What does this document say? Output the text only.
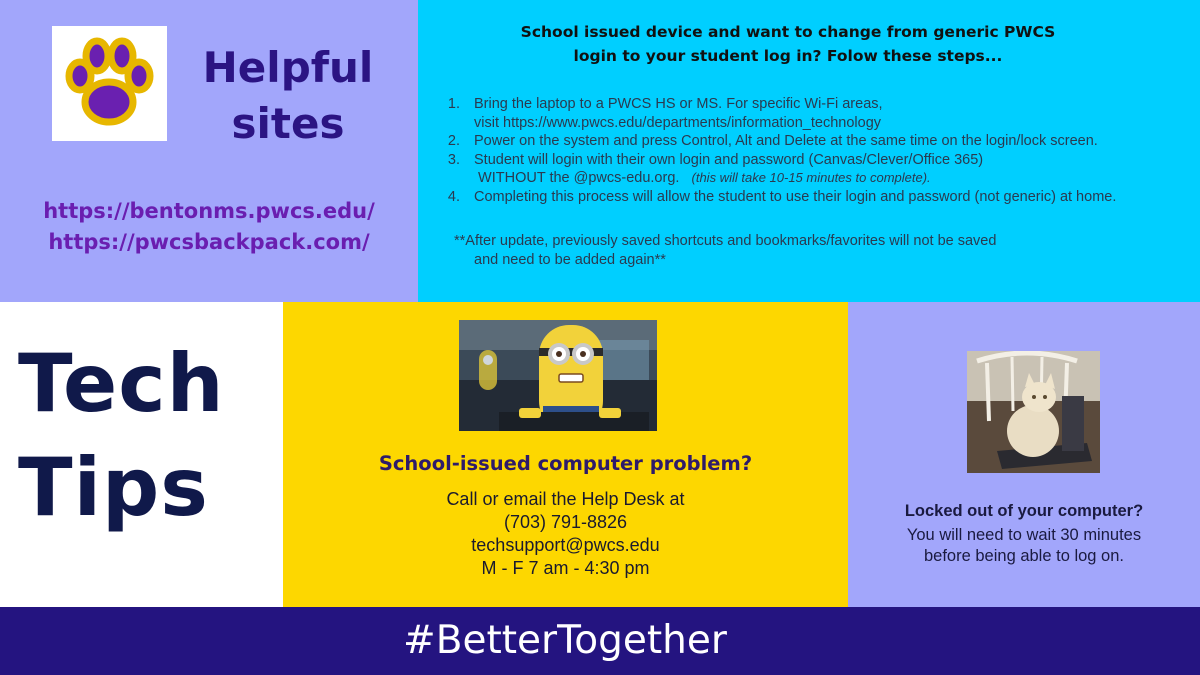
Helpful
sites
https://bentonms.pwcs.edu/
https://pwcsbackpack.com/
School issued device and want to change from generic PWCS
login to your student log in? Folow these steps...
1. Bring the laptop to a PWCS HS or MS. For specific Wi-Fi areas,
visit https://www.pwcs.edu/departments/information_technology
2. Power on the system and press Control, Alt and Delete at the same time on the login/lock screen.
3. Student will login with their own login and password (Canvas/Clever/Office 365)
WITHOUT the @pwcs-edu.org. (this will take 10-15 minutes to complete).
4. Completing this process will allow the student to use their login and password (not generic) at home.
**After update, previously saved shortcuts and bookmarks/favorites will not be saved
and need to be added again**
Tech
Tips	School-issued computer problem?
Call or email the Help Desk at
(703) 791-8826
techsupport@pwcs.edu
M - F 7 am - 4:30 pm
Locked out of your computer?
You will need to wait 30 minutes
before being able to log on.
#BetterTogether
